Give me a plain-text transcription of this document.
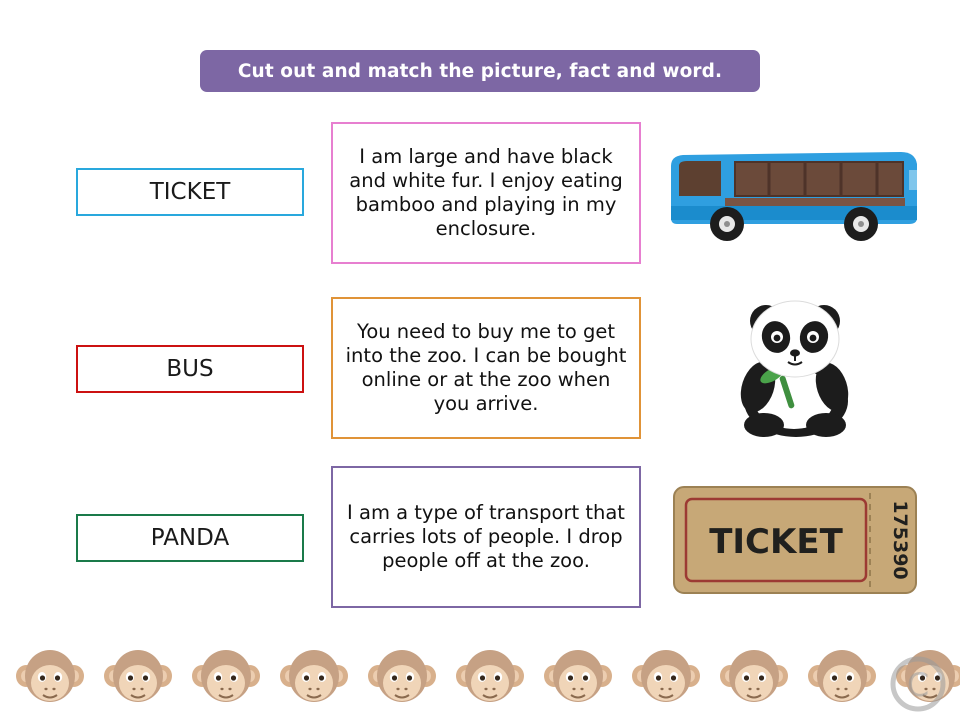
Cut out and match the picture, fact and word.
TICKET
BUS
PANDA
I am large and have black and white fur. I enjoy eating bamboo and playing in my enclosure.
You need to buy me to get into the zoo. I can be bought online or at the zoo when you arrive.
I am a type of transport that carries lots of people. I drop people off at the zoo.	TICKET 175390
C
